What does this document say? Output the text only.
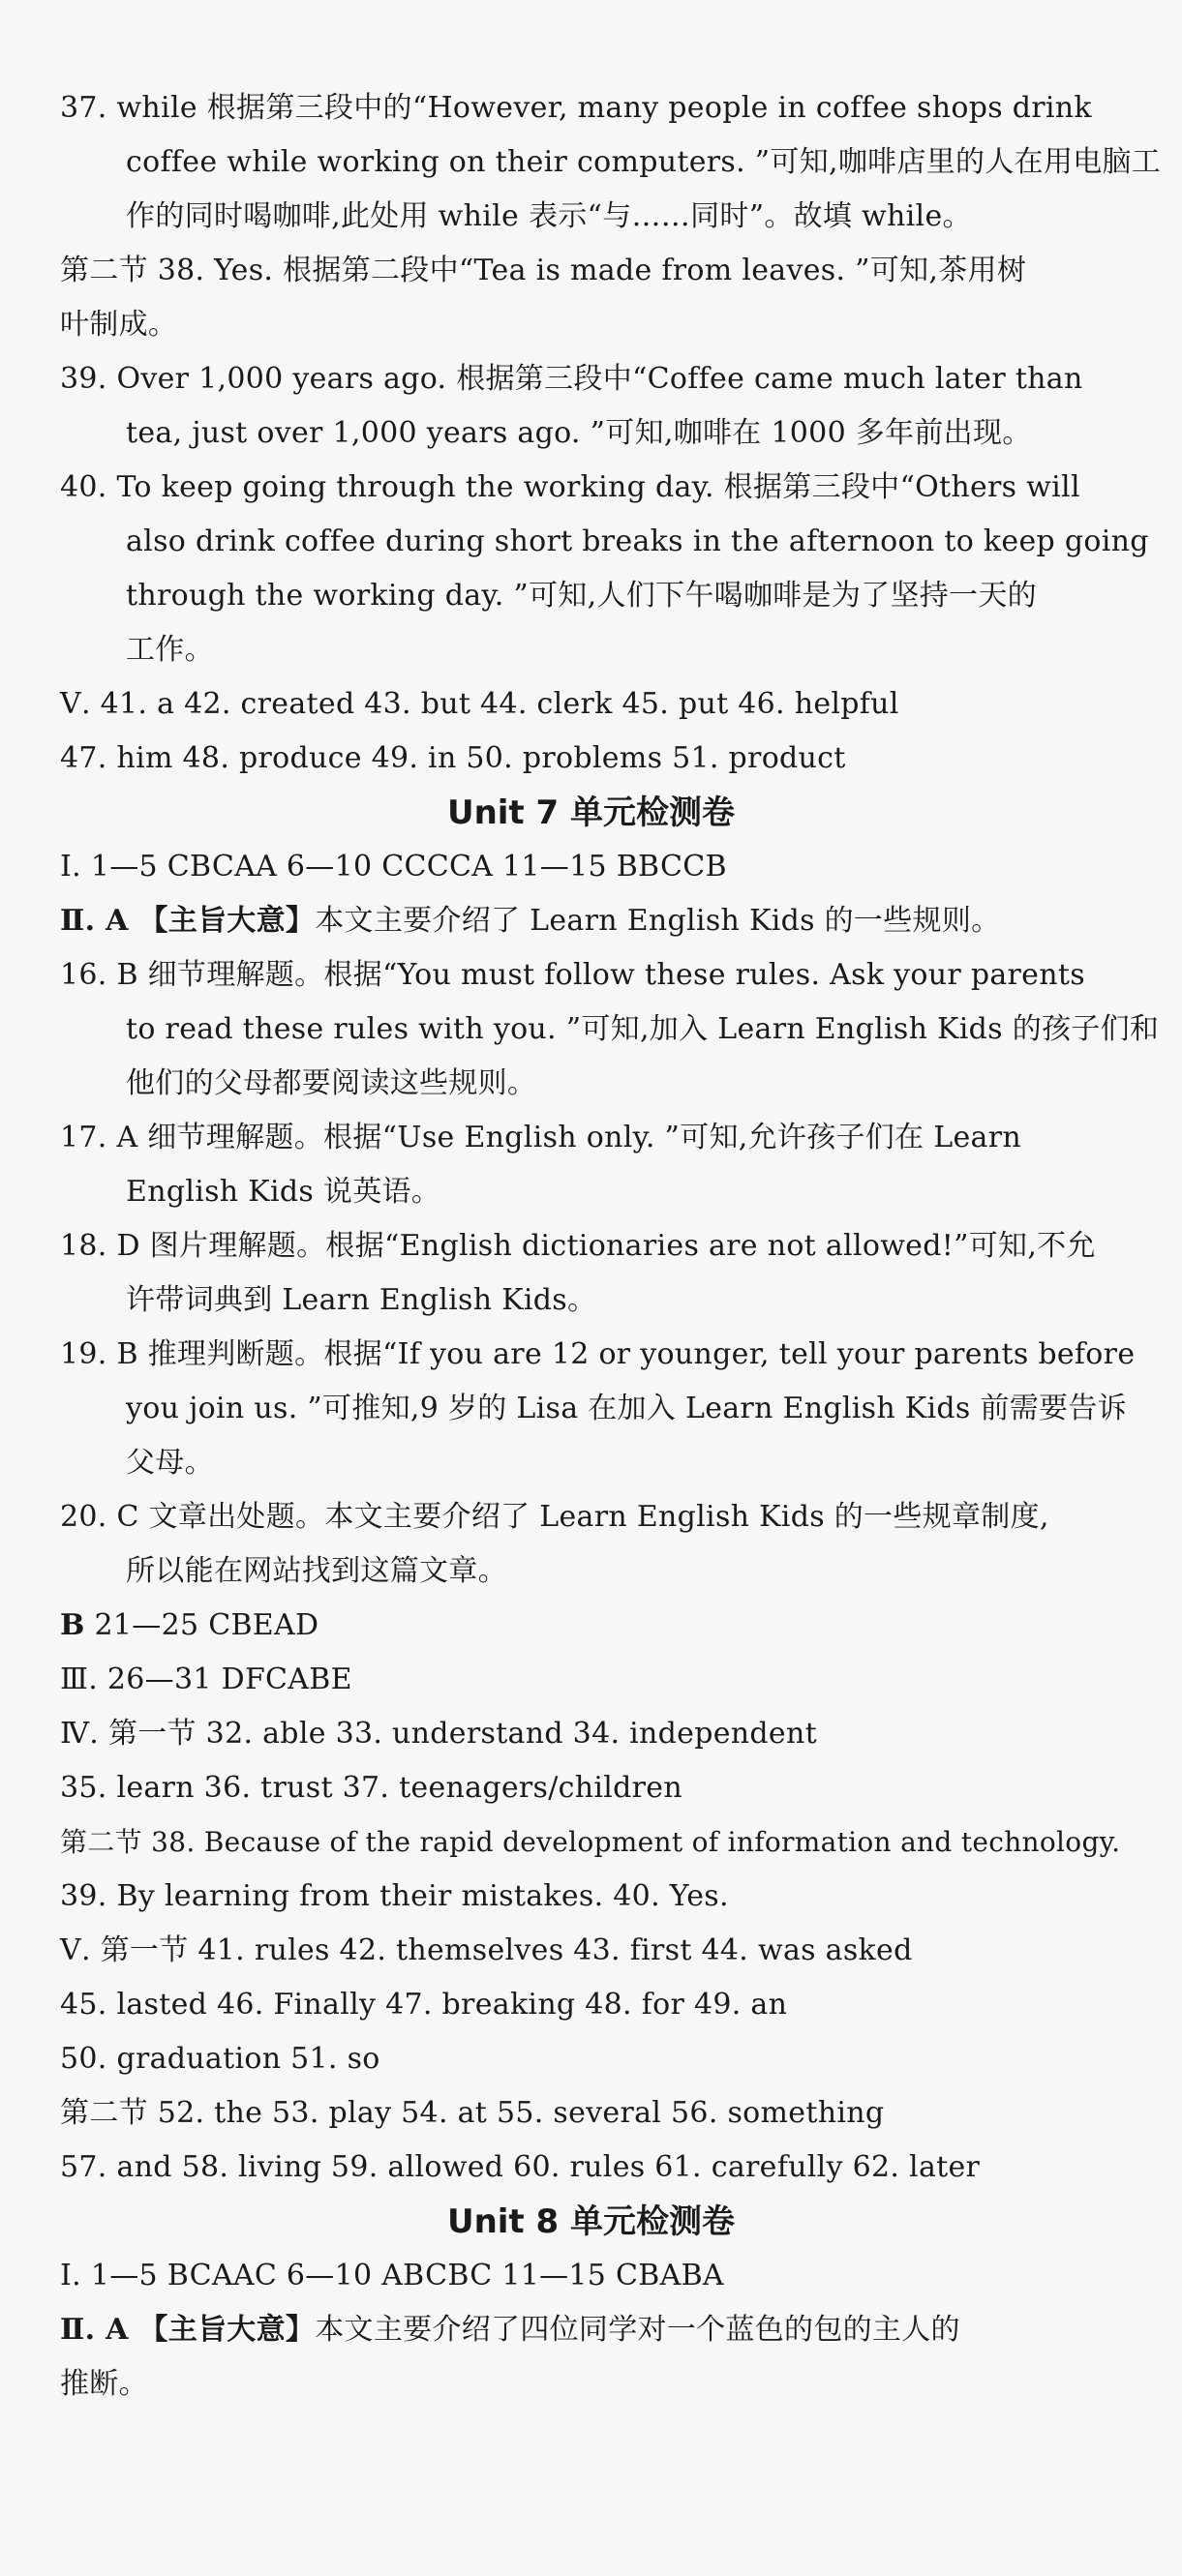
37. while 根据第三段中的“However, many people in coffee shops drink
coffee while working on their computers. ”可知,咖啡店里的人在用电脑工
作的同时喝咖啡,此处用 while 表示“与……同时”。故填 while。
第二节 38. Yes. 根据第二段中“Tea is made from leaves. ”可知,茶用树
叶制成。
39. Over 1,000 years ago. 根据第三段中“Coffee came much later than
tea, just over 1,000 years ago. ”可知,咖啡在 1000 多年前出现。
40. To keep going through the working day. 根据第三段中“Others will
also drink coffee during short breaks in the afternoon to keep going
through the working day. ”可知,人们下午喝咖啡是为了坚持一天的
工作。
Ⅴ. 41. a 42. created 43. but 44. clerk 45. put 46. helpful
47. him 48. produce 49. in 50. problems 51. product
Unit 7 单元检测卷
Ⅰ. 1—5 CBCAA 6—10 CCCCA 11—15 BBCCB
Ⅱ. A 【主旨大意】本文主要介绍了 Learn English Kids 的一些规则。
16. B 细节理解题。根据“You must follow these rules. Ask your parents
to read these rules with you. ”可知,加入 Learn English Kids 的孩子们和
他们的父母都要阅读这些规则。
17. A 细节理解题。根据“Use English only. ”可知,允许孩子们在 Learn
English Kids 说英语。
18. D 图片理解题。根据“English dictionaries are not allowed!”可知,不允
许带词典到 Learn English Kids。
19. B 推理判断题。根据“If you are 12 or younger, tell your parents before
you join us. ”可推知,9 岁的 Lisa 在加入 Learn English Kids 前需要告诉
父母。
20. C 文章出处题。本文主要介绍了 Learn English Kids 的一些规章制度,
所以能在网站找到这篇文章。
B 21—25 CBEAD
Ⅲ. 26—31 DFCABE
Ⅳ. 第一节 32. able 33. understand 34. independent
35. learn 36. trust 37. teenagers/children
第二节 38. Because of the rapid development of information and technology.
39. By learning from their mistakes. 40. Yes.
Ⅴ. 第一节 41. rules 42. themselves 43. first 44. was asked
45. lasted 46. Finally 47. breaking 48. for 49. an
50. graduation 51. so
第二节 52. the 53. play 54. at 55. several 56. something
57. and 58. living 59. allowed 60. rules 61. carefully 62. later
Unit 8 单元检测卷
Ⅰ. 1—5 BCAAC 6—10 ABCBC 11—15 CBABA
Ⅱ. A 【主旨大意】本文主要介绍了四位同学对一个蓝色的包的主人的
推断。
